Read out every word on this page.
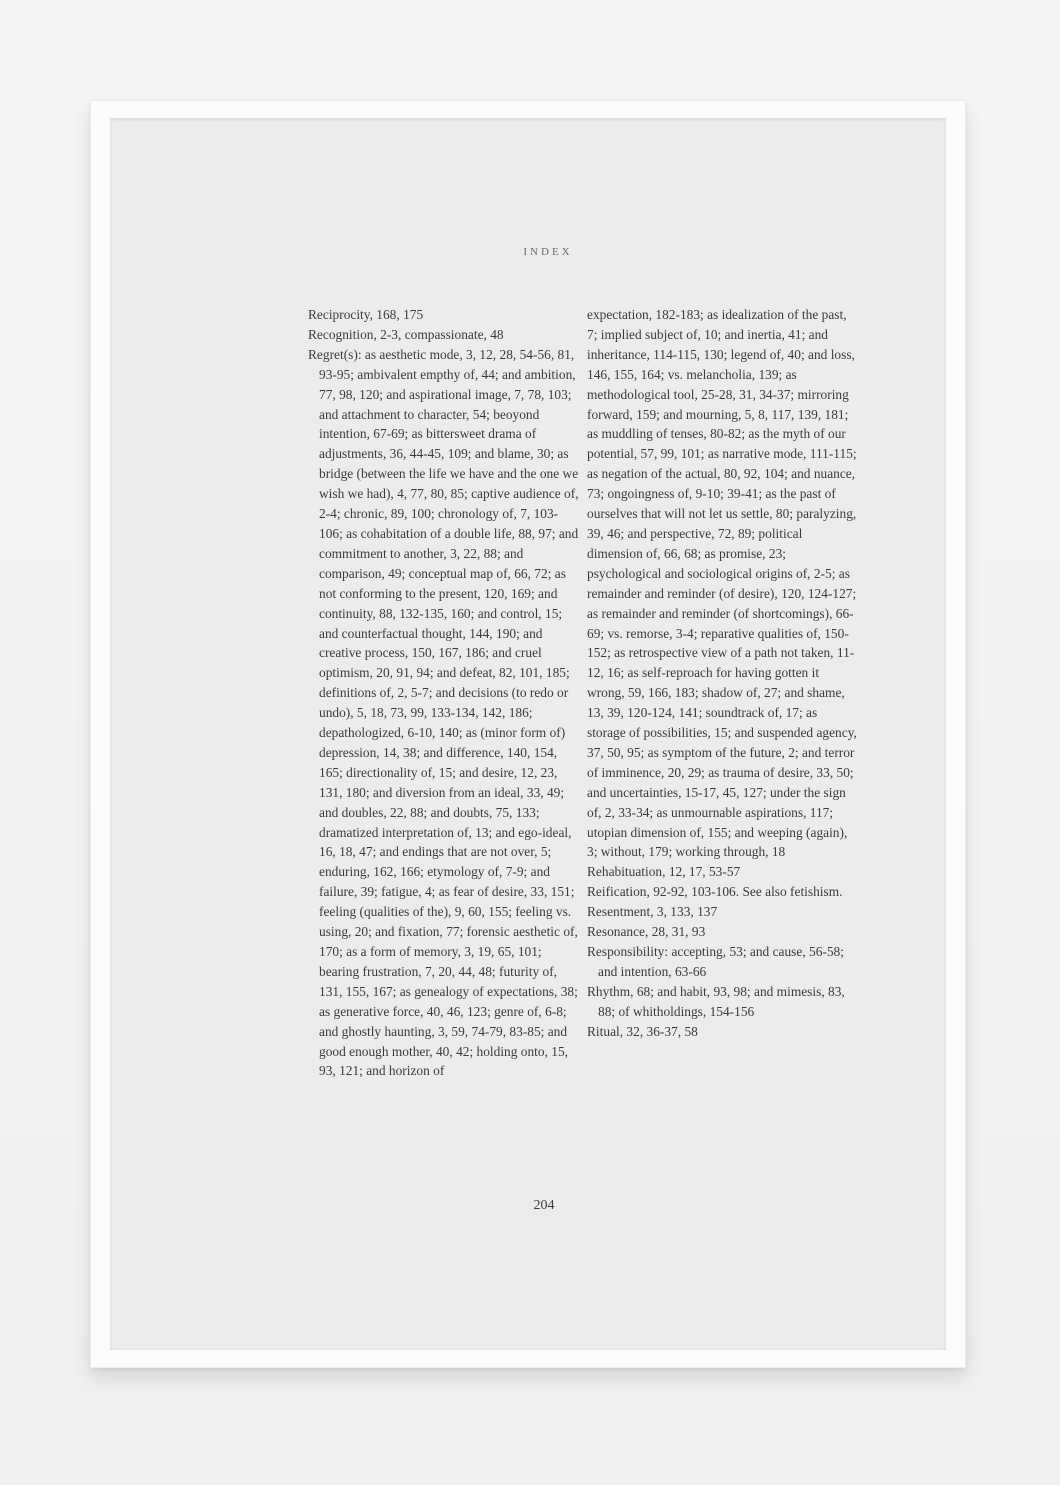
INDEX

Reciprocity, 168, 175

Recognition, 2-3, compassionate, 48

Regret(s): as aesthetic mode, 3, 12, 28, 54-56, 81, 93-95; ambivalent empthy of, 44; and ambition, 77, 98, 120; and aspirational image, 7, 78, 103; and attachment to character, 54; beoyond intention, 67-69; as bittersweet drama of adjustments, 36, 44-45, 109; and blame, 30; as bridge (between the life we have and the one we wish we had), 4, 77, 80, 85; captive audience of, 2-4; chronic, 89, 100; chronology of, 7, 103-106; as cohabitation of a double life, 88, 97; and commitment to another, 3, 22, 88; and comparison, 49; conceptual map of, 66, 72; as not conforming to the present, 120, 169; and continuity, 88, 132-135, 160; and control, 15; and counterfactual thought, 144, 190; and creative process, 150, 167, 186; and cruel optimism, 20, 91, 94; and defeat, 82, 101, 185; definitions of, 2, 5-7; and decisions (to redo or undo), 5, 18, 73, 99, 133-134, 142, 186; depathologized, 6-10, 140; as (minor form of) depression, 14, 38; and difference, 140, 154, 165; directionality of, 15; and desire, 12, 23, 131, 180; and diversion from an ideal, 33, 49; and doubles, 22, 88; and doubts, 75, 133; dramatized interpretation of, 13; and ego-ideal, 16, 18, 47; and endings that are not over, 5; enduring, 162, 166; etymology of, 7-9; and failure, 39; fatigue, 4; as fear of desire, 33, 151; feeling (qualities of the), 9, 60, 155; feeling vs. using, 20; and fixation, 77; forensic aesthetic of, 170; as a form of memory, 3, 19, 65, 101; bearing frustration, 7, 20, 44, 48; futurity of, 131, 155, 167; as genealogy of expectations, 38; as generative force, 40, 46, 123; genre of, 6-8; and ghostly haunting, 3, 59, 74-79, 83-85; and good enough mother, 40, 42; holding onto, 15, 93, 121; and horizon of

expectation, 182-183; as idealization of the past, 7; implied subject of, 10; and inertia, 41; and inheritance, 114-115, 130; legend of, 40; and loss, 146, 155, 164; vs. melancholia, 139; as methodological tool, 25-28, 31, 34-37; mirroring forward, 159; and mourning, 5, 8, 117, 139, 181; as muddling of tenses, 80-82; as the myth of our potential, 57, 99, 101; as narrative mode, 111-115; as negation of the actual, 80, 92, 104; and nuance, 73; ongoingness of, 9-10; 39-41; as the past of ourselves that will not let us settle, 80; paralyzing, 39, 46; and perspective, 72, 89; political dimension of, 66, 68; as promise, 23; psychological and sociological origins of, 2-5; as remainder and reminder (of desire), 120, 124-127; as remainder and reminder (of shortcomings), 66-69; vs. remorse, 3-4; reparative qualities of, 150-152; as retrospective view of a path not taken, 11-12, 16; as self-reproach for having gotten it wrong, 59, 166, 183; shadow of, 27; and shame, 13, 39, 120-124, 141; soundtrack of, 17; as storage of possibilities, 15; and suspended agency, 37, 50, 95; as symptom of the future, 2; and terror of imminence, 20, 29; as trauma of desire, 33, 50; and uncertainties, 15-17, 45, 127; under the sign of, 2, 33-34; as unmournable aspirations, 117; utopian dimension of, 155; and weeping (again), 3; without, 179; working through, 18

Rehabituation, 12, 17, 53-57

Reification, 92-92, 103-106. See also fetishism.

Resentment, 3, 133, 137

Resonance, 28, 31, 93

Responsibility: accepting, 53; and cause, 56-58; and intention, 63-66

Rhythm, 68; and habit, 93, 98; and mimesis, 83, 88; of whitholdings, 154-156

Ritual, 32, 36-37, 58

204
